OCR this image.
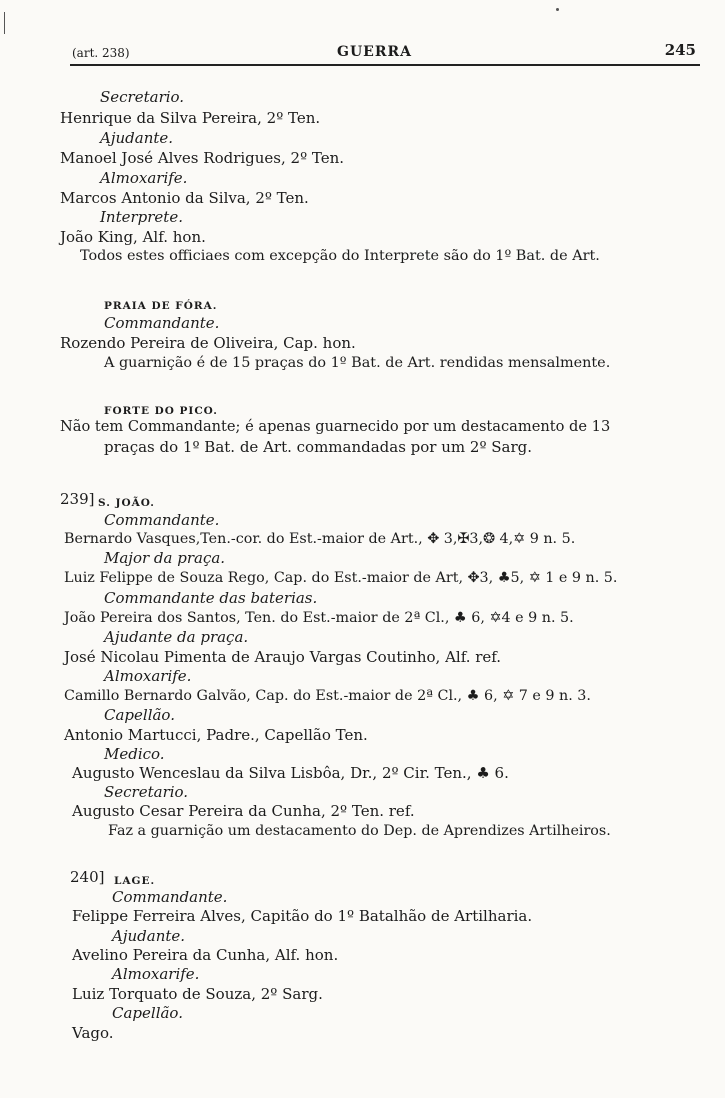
(art. 238)	GUERRA	245
Secretario.
Henrique da Silva Pereira, 2º Ten.
Ajudante.
Manoel José Alves Rodrigues, 2º Ten.
Almoxarife.
Marcos Antonio da Silva, 2º Ten.
Interprete.
João King, Alf. hon.
Todos estes officiaes com excepção do Interprete são do 1º Bat. de Art.
PRAIA DE FÓRA.
Commandante.
Rozendo Pereira de Oliveira, Cap. hon.
A guarnição é de 15 praças do 1º Bat. de Art. rendidas mensalmente.
FORTE DO PICO.
Não tem Commandante; é apenas guarnecido por um destacamento de 13
praças do 1º Bat. de Art. commandadas por um 2º Sarg.
239] S. JOÃO.
Commandante.
Bernardo Vasques,Ten.-cor. do Est.-maior de Art., ✥ 3,✠3,❂ 4,✡ 9 n. 5.
Major da praça.
Luiz Felippe de Souza Rego, Cap. do Est.-maior de Art, ✥3, ♣5, ✡ 1 e 9 n. 5.
Commandante das baterias.
João Pereira dos Santos, Ten. do Est.-maior de 2ª Cl., ♣ 6, ✡4 e 9 n. 5.
Ajudante da praça.
José Nicolau Pimenta de Araujo Vargas Coutinho, Alf. ref.
Almoxarife.
Camillo Bernardo Galvão, Cap. do Est.-maior de 2ª Cl., ♣ 6, ✡ 7 e 9 n. 3.
Capellão.
Antonio Martucci, Padre., Capellão Ten.
Medico.
Augusto Wenceslau da Silva Lisbôa, Dr., 2º Cir. Ten., ♣ 6.
Secretario.
Augusto Cesar Pereira da Cunha, 2º Ten. ref.
Faz a guarnição um destacamento do Dep. de Aprendizes Artilheiros.
240] LAGE.
Commandante.
Felippe Ferreira Alves, Capitão do 1º Batalhão de Artilharia.
Ajudante.
Avelino Pereira da Cunha, Alf. hon.
Almoxarife.
Luiz Torquato de Souza, 2º Sarg.
Capellão.
Vago.
